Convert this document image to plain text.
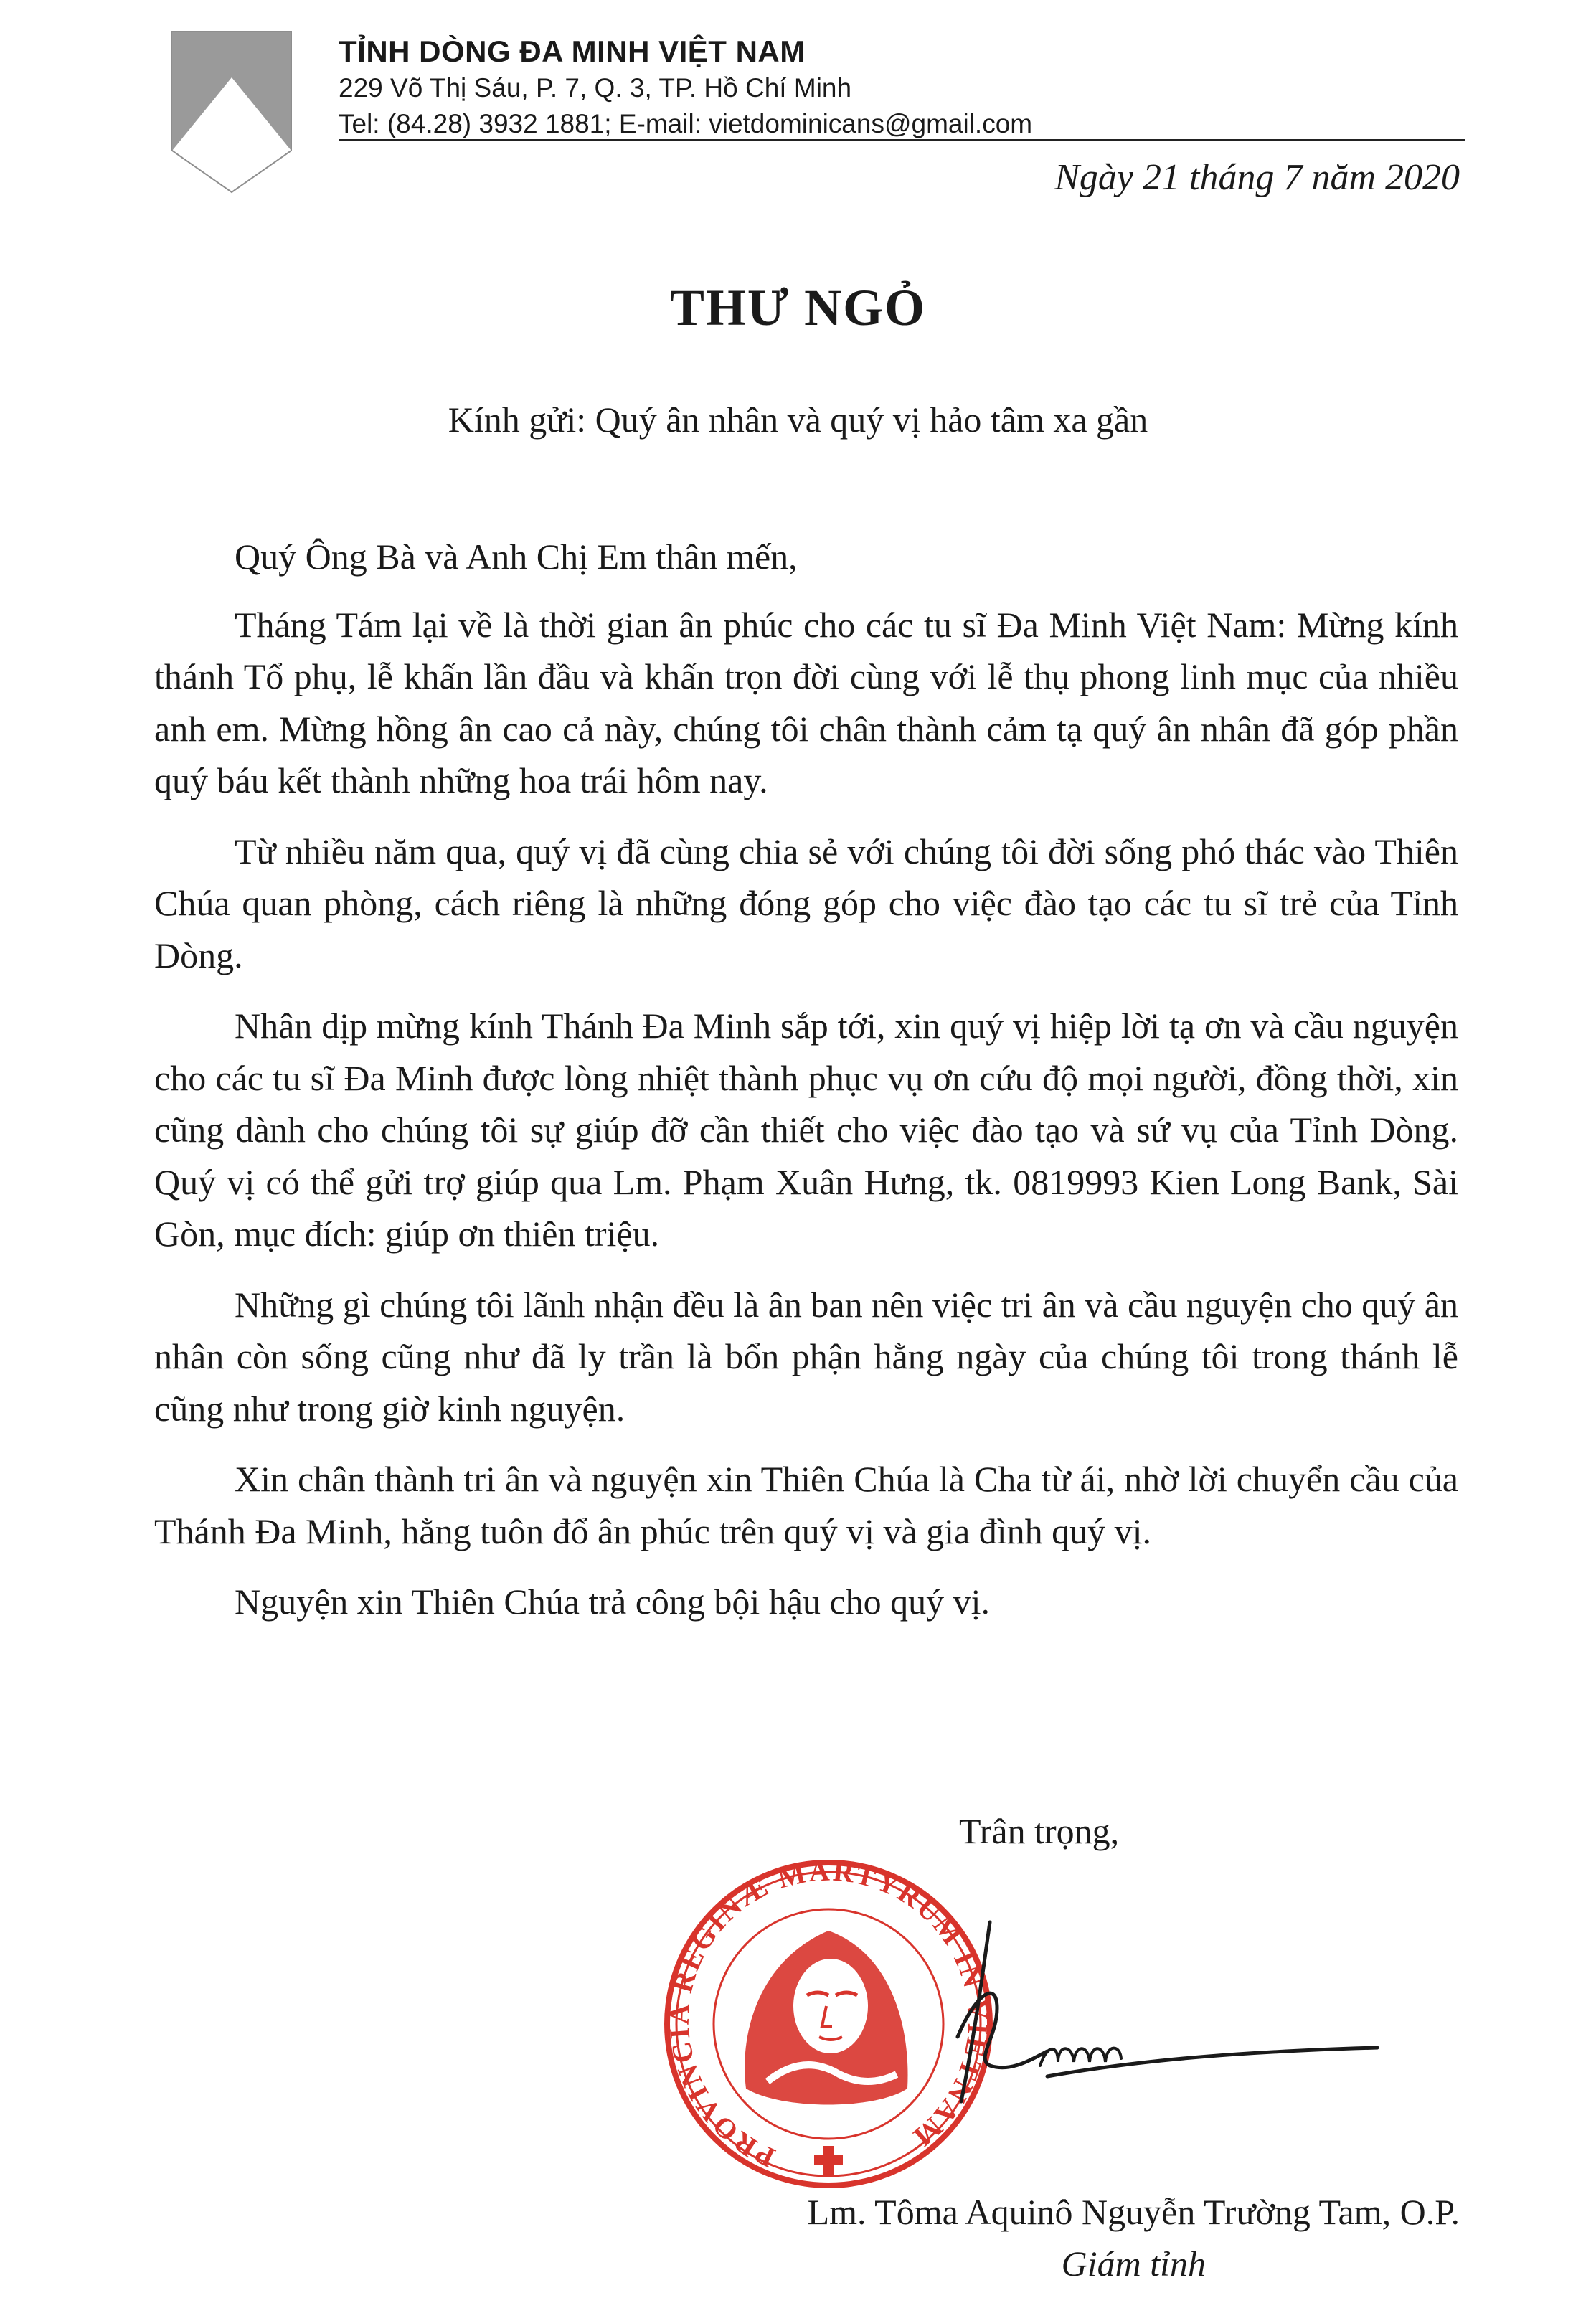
TỈNH DÒNG ĐA MINH VIỆT NAM
229 Võ Thị Sáu, P. 7, Q. 3, TP. Hồ Chí Minh
Tel: (84.28) 3932 1881; E-mail: vietdominicans@gmail.com
Ngày 21 tháng 7 năm 2020
THƯ NGỎ
Kính gửi: Quý ân nhân và quý vị hảo tâm xa gần

Quý Ông Bà và Anh Chị Em thân mến,

Tháng Tám lại về là thời gian ân phúc cho các tu sĩ Đa Minh Việt Nam: Mừng kính thánh Tổ phụ, lễ khấn lần đầu và khấn trọn đời cùng với lễ thụ phong linh mục của nhiều anh em. Mừng hồng ân cao cả này, chúng tôi chân thành cảm tạ quý ân nhân đã góp phần quý báu kết thành những hoa trái hôm nay.

Từ nhiều năm qua, quý vị đã cùng chia sẻ với chúng tôi đời sống phó thác vào Thiên Chúa quan phòng, cách riêng là những đóng góp cho việc đào tạo các tu sĩ trẻ của Tỉnh Dòng.

Nhân dịp mừng kính Thánh Đa Minh sắp tới, xin quý vị hiệp lời tạ ơn và cầu nguyện cho các tu sĩ Đa Minh được lòng nhiệt thành phục vụ ơn cứu độ mọi người, đồng thời, xin cũng dành cho chúng tôi sự giúp đỡ cần thiết cho việc đào tạo và sứ vụ của Tỉnh Dòng. Quý vị có thể gửi trợ giúp qua Lm. Phạm Xuân Hưng, tk. 0819993 Kien Long Bank, Sài Gòn, mục đích: giúp ơn thiên triệu.

Những gì chúng tôi lãnh nhận đều là ân ban nên việc tri ân và cầu nguyện cho quý ân nhân còn sống cũng như đã ly trần là bổn phận hằng ngày của chúng tôi trong thánh lễ cũng như trong giờ kinh nguyện.

Xin chân thành tri ân và nguyện xin Thiên Chúa là Cha từ ái, nhờ lời chuyển cầu của Thánh Đa Minh, hằng tuôn đổ ân phúc trên quý vị và gia đình quý vị.

Nguyện xin Thiên Chúa trả công bội hậu cho quý vị.

Trân trọng,
PROVINCIA REGINÆ MARTYRUM IN VIETNAM
Lm. Tôma Aquinô Nguyễn Trường Tam, O.P.
Giám tỉnh
